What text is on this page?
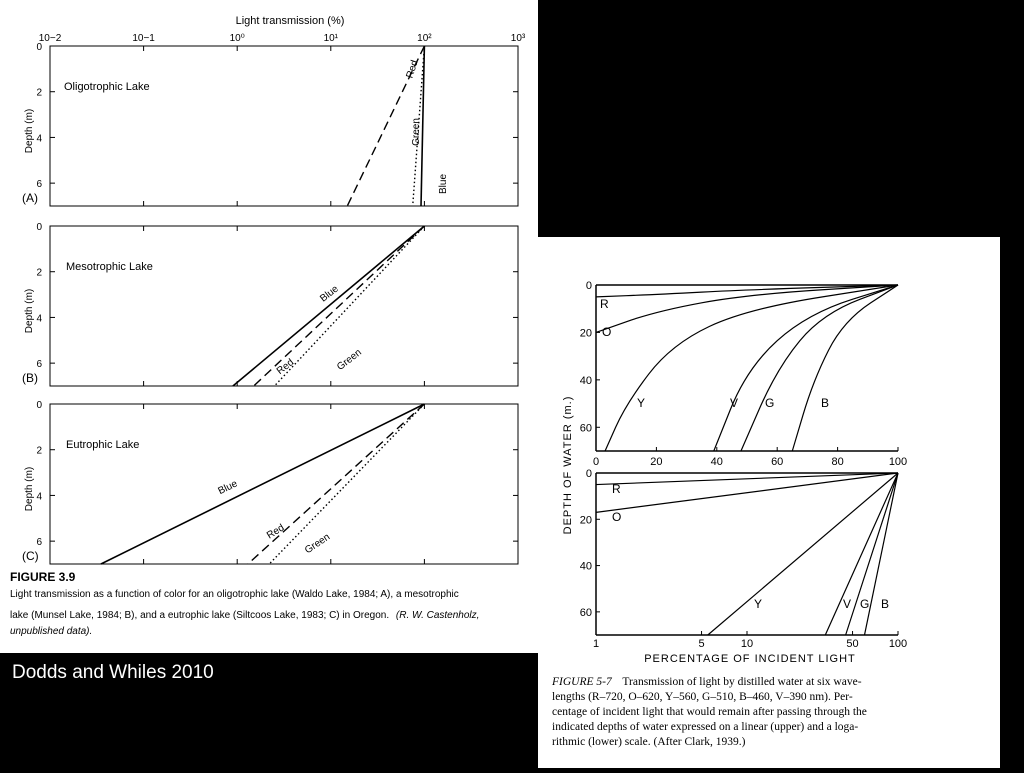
Light transmission (%)
10−2	10−1	10⁰	10¹	10²	10³
0
2
4
6
Depth (m)
Oligotrophic Lake
(A)
Red
Green
Blue
0
2
4
6
Depth (m)
Mesotrophic Lake
(B)
Blue
Red	Green
0
2
4
6
Depth (m)
Eutrophic Lake
(C)
Blue
Red Green
FIGURE 3.9
Light transmission as a function of color for an oligotrophic lake (Waldo Lake, 1984; A), a mesotrophic
lake (Munsel Lake, 1984; B), and a eutrophic lake (Siltcoos Lake, 1983; C) in Oregon. (R. W. Castenholz,
unpublished data).
Dodds and Whiles 2010
DEPTH OF WATER (m.)
0
20
40
60
0	20	40	60	80	100
R
O
Y	V G	B
0
20
40
60
1	5	10	50	100
R
O
Y	V G B
PERCENTAGE OF INCIDENT LIGHT
FIGURE 5-7 Transmission of light by distilled water at six wave- lengths (R–720, O–620, Y–560, G–510, B–460, V–390 nm). Per- centage of incident light that would remain after passing through the indicated depths of water expressed on a linear (upper) and a loga- rithmic (lower) scale. (After Clark, 1939.)
